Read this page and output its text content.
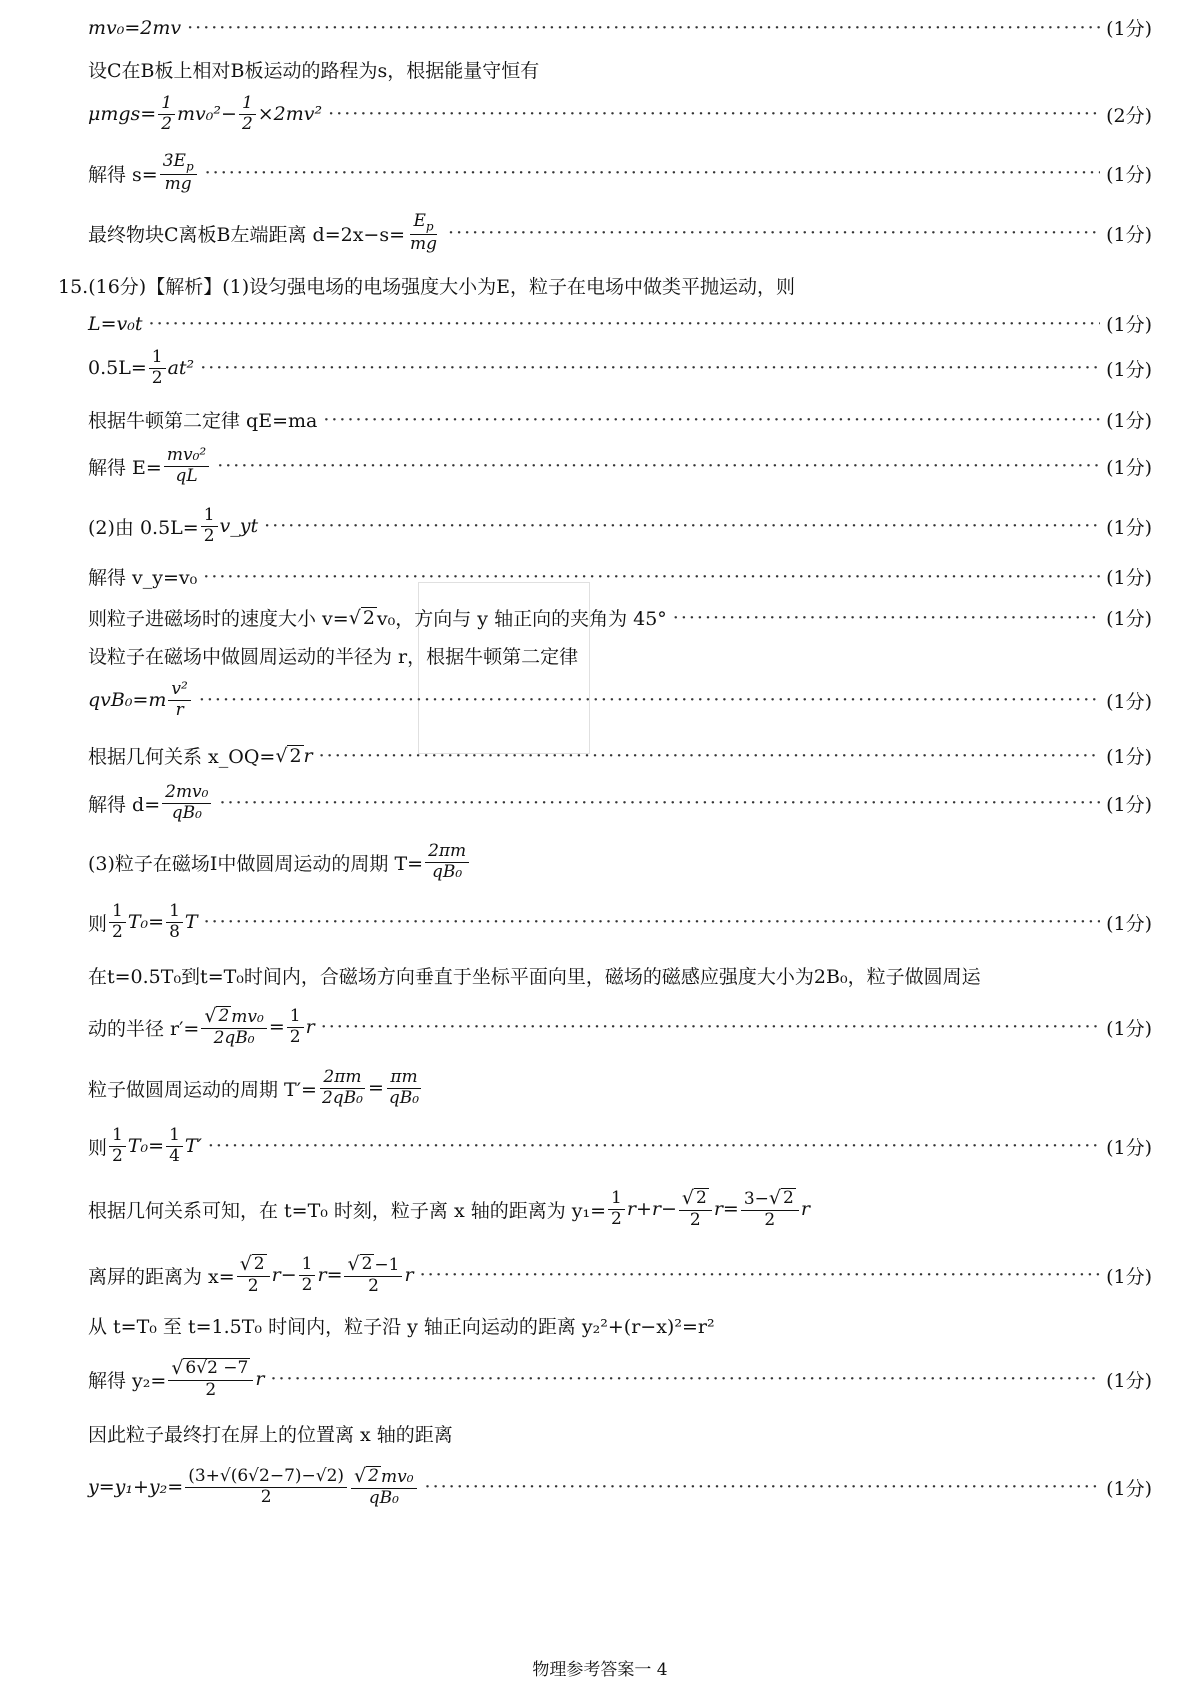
mv₀=2mv ·····	(1分)
设C在B板上相对B板运动的路程为s，根据能量守恒有
$\mu mgs= \frac{1}{2} mv_0^2- \frac{1}{2} \times 2mv^2$ ·····	(2分)
解得 $s= \frac{3E_p}{mg}$ ·····	(1分)
最终物块C离板B左端距离 $d=2x-s= \frac{E_p}{mg}$ ·····	(1分)
15.(16分)【解析】(1)设匀强电场的电场强度大小为E，粒子在电场中做类平抛运动，则
L=v₀t ·····	(1分)
$0.5L= \frac{1}{2} at^2$ ·····	(1分)
根据牛顿第二定律 qE=ma ·····	(1分)
解得 $E= \frac{\text{mv₀²}}{qL}$ ·····	(1分)
(2)由 $0.5L= \frac{1}{2}$ v_yt ·····	(1分)
解得 v_y=v₀ ·····	(1分)
则粒子进磁场时的速度大小 v= √ 2 v₀，方向与 y 轴正向的夹角为 45° ·····	(1分)
设粒子在磁场中做圆周运动的半径为 r，根据牛顿第二定律
$qvB_0=m \frac{\text{v²}}{r}$ ·····	(1分)
根据几何关系 x_OQ= √ 2 r ·····	(1分)
解得 $d= \frac{\text{2mv₀}}{\text{qB₀}}$ ·····	(1分)
(3)粒子在磁场Ⅰ中做圆周运动的周期 $T= \frac{2\pi m}{\text{qB₀}}$
则 $\frac{1}{2} T_0= \frac{1}{8}$ T ·····	(1分)
在t=0.5T₀到t=T₀时间内，合磁场方向垂直于坐标平面向里，磁场的磁感应强度大小为2B₀，粒子做圆周运
动的半径 $r'= \frac{\text{√ 2 mv₀}}{\text{2qB₀}} = \frac{1}{2}$ r ·····	(1分)
粒子做圆周运动的周期 $T'= \frac{2\pi m}{\text{2qB₀}} = \frac{\pi m}{\text{qB₀}}$
则 $\frac{1}{2} T_0= \frac{1}{4} T'$ ·····	(1分)
根据几何关系可知，在 t=T₀ 时刻，粒子离 x 轴的距离为 $y_1= \frac{1}{2} r+r- \frac{√ 2}{2}$ $r = \frac{3- √ 2}{2}$ r
离屏的距离为 $x= \frac{√ 2}{2}$ $r - \frac{1}{2}$ $r = \frac{√ 2 -1}{2}$ r ·····	(1分)
从 t=T₀ 至 t=1.5T₀ 时间内，粒子沿 y 轴正向运动的距离 y₂²+(r−x)²=r²
解得 $y_2= \frac{√ 6√2 -7}{2}$ r ·····	(1分)
因此粒子最终打在屏上的位置离 x 轴的距离
$y=y_1+y_2= \frac{(3+√(6√2-7)-√2)}{2} \frac{\text{√ 2 mv₀}}{\text{qB₀}}$ ·····	(1分)
物理参考答案一 4
